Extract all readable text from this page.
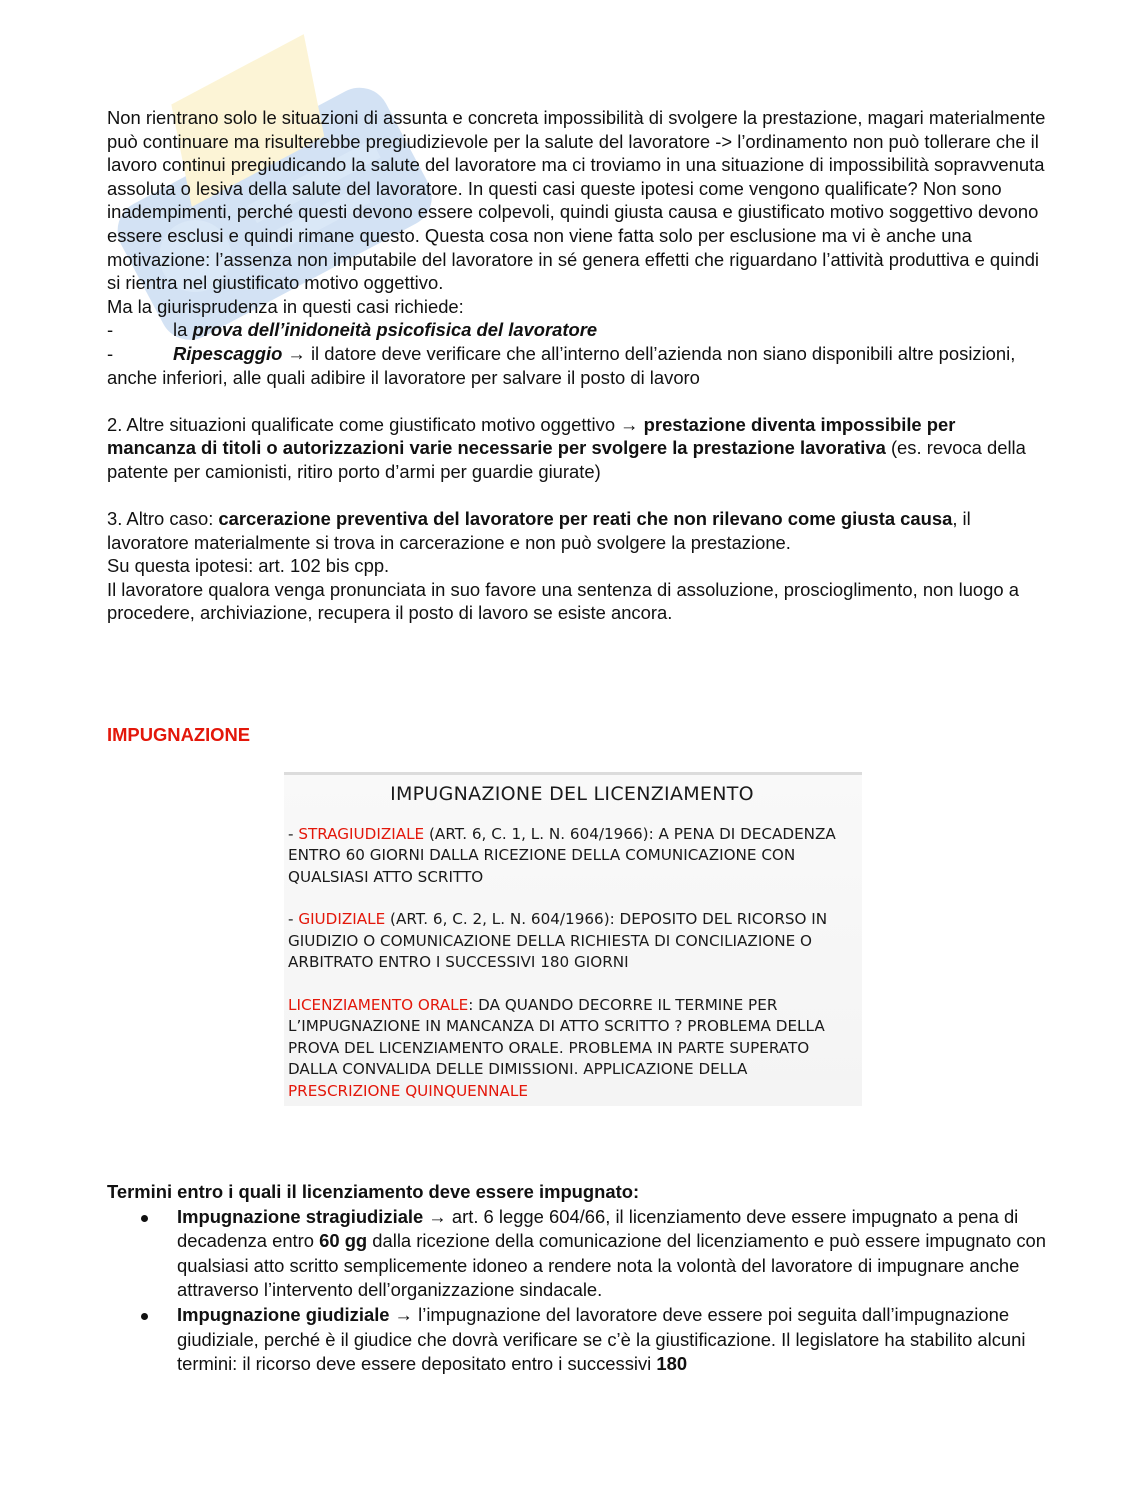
Non rientrano solo le situazioni di assunta e concreta impossibilità di svolgere la prestazione, magari materialmente può continuare ma risulterebbe pregiudizievole per la salute del lavoratore -> l’ordinamento non può tollerare che il lavoro continui pregiudicando la salute del lavoratore ma ci troviamo in una situazione di impossibilità sopravvenuta assoluta o lesiva della salute del lavoratore. In questi casi queste ipotesi come vengono qualificate? Non sono inadempimenti, perché questi devono essere colpevoli, quindi giusta causa e giustificato motivo soggettivo devono essere esclusi e quindi rimane questo. Questa cosa non viene fatta solo per esclusione ma vi è anche una motivazione: l’assenza non imputabile del lavoratore in sé genera effetti che riguardano l’attività produttiva e quindi si rientra nel giustificato motivo oggettivo.

Ma la giurisprudenza in questi casi richiede:

-	la prova dell’inidoneità psicofisica del lavoratore
-	Ripescaggio → il datore deve verificare che all’interno dell’azienda non siano disponibili altre posizioni, anche inferiori, alle quali adibire il lavoratore per salvare il posto di lavoro

2. Altre situazioni qualificate come giustificato motivo oggettivo → prestazione diventa impossibile per mancanza di titoli o autorizzazioni varie necessarie per svolgere la prestazione lavorativa (es. revoca della patente per camionisti, ritiro porto d’armi per guardie giurate)

3. Altro caso: carcerazione preventiva del lavoratore per reati che non rilevano come giusta causa, il lavoratore materialmente si trova in carcerazione e non può svolgere la prestazione.

Su questa ipotesi: art. 102 bis cpp.

Il lavoratore qualora venga pronunciata in suo favore una sentenza di assoluzione, proscioglimento, non luogo a procedere, archiviazione, recupera il posto di lavoro se esiste ancora.

IMPUGNAZIONE
IMPUGNAZIONE DEL LICENZIAMENTO
- STRAGIUDIZIALE (ART. 6, C. 1, L. N. 604/1966): A PENA DI DECADENZA ENTRO 60 GIORNI DALLA RICEZIONE DELLA COMUNICAZIONE CON QUALSIASI ATTO SCRITTO
- GIUDIZIALE (ART. 6, C. 2, L. N. 604/1966): DEPOSITO DEL RICORSO IN GIUDIZIO O COMUNICAZIONE DELLA RICHIESTA DI CONCILIAZIONE O ARBITRATO ENTRO I SUCCESSIVI 180 GIORNI
LICENZIAMENTO ORALE: DA QUANDO DECORRE IL TERMINE PER L’IMPUGNAZIONE IN MANCANZA DI ATTO SCRITTO ? PROBLEMA DELLA PROVA DEL LICENZIAMENTO ORALE. PROBLEMA IN PARTE SUPERATO DALLA CONVALIDA DELLE DIMISSIONI. APPLICAZIONE DELLA PRESCRIZIONE QUINQUENNALE
Termini entro i quali il licenziamento deve essere impugnato:
Impugnazione stragiudiziale → art. 6 legge 604/66, il licenziamento deve essere impugnato a pena di decadenza entro 60 gg dalla ricezione della comunicazione del licenziamento e può essere impugnato con qualsiasi atto scritto semplicemente idoneo a rendere nota la volontà del lavoratore di impugnare anche attraverso l’intervento dell’organizzazione sindacale.
Impugnazione giudiziale → l’impugnazione del lavoratore deve essere poi seguita dall’impugnazione giudiziale, perché è il giudice che dovrà verificare se c’è la giustificazione. Il legislatore ha stabilito alcuni termini: il ricorso deve essere depositato entro i successivi 180
